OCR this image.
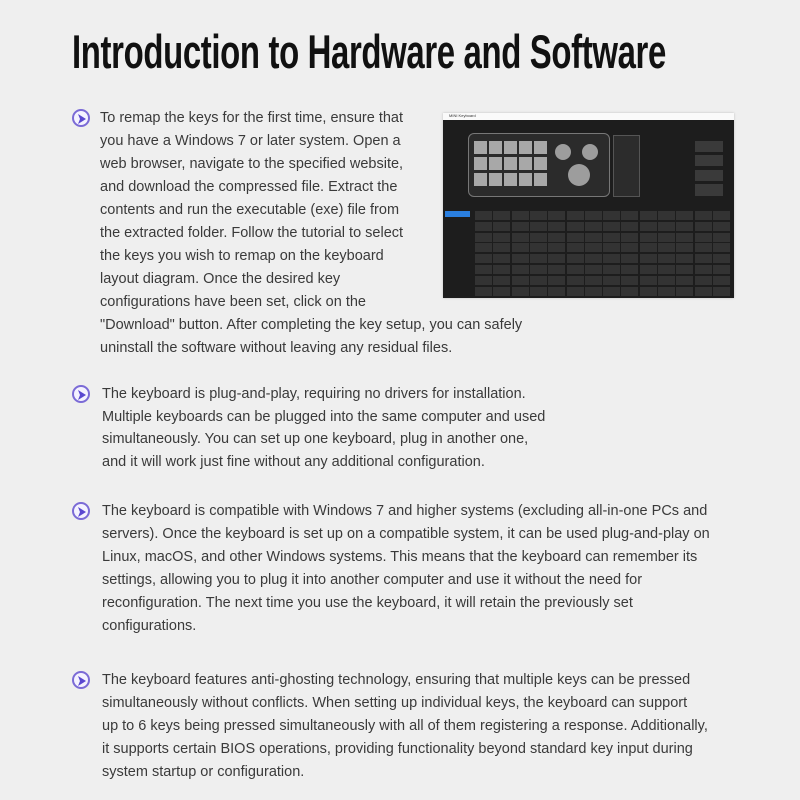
Introduction to Hardware and Software
To remap the keys for the first time, ensure that
you have a Windows 7 or later system. Open a
web browser, navigate to the specified website,
and download the compressed file. Extract the
contents and run the executable (exe) file from
the extracted folder. Follow the tutorial to select
the keys you wish to remap on the keyboard
layout diagram. Once the desired key
configurations have been set, click on the
"Download" button. After completing the key setup, you can safely
uninstall the software without leaving any residual files.
The keyboard is plug-and-play, requiring no drivers for installation.
Multiple keyboards can be plugged into the same computer and used
simultaneously. You can set up one keyboard, plug in another one,
and it will work just fine without any additional configuration.
The keyboard is compatible with Windows 7 and higher systems (excluding all-in-one PCs and
servers). Once the keyboard is set up on a compatible system, it can be used plug-and-play on
Linux, macOS, and other Windows systems. This means that the keyboard can remember its
settings, allowing you to plug it into another computer and use it without the need for
reconfiguration. The next time you use the keyboard, it will retain the previously set
configurations.
The keyboard features anti-ghosting technology, ensuring that multiple keys can be pressed
simultaneously without conflicts. When setting up individual keys, the keyboard can support
up to 6 keys being pressed simultaneously with all of them registering a response. Additionally,
it supports certain BIOS operations, providing functionality beyond standard key input during
system startup or configuration.
MINI Keyboard
